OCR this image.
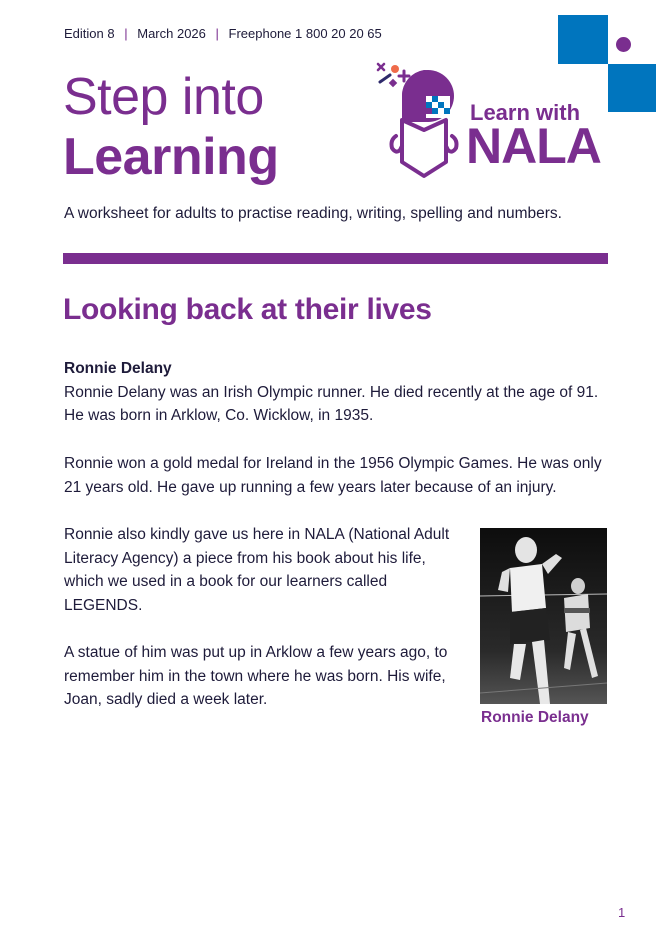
Edition 8 | March 2026 | Freephone 1 800 20 20 65
Step into
Learning
Learn with
NALA
A worksheet for adults to practise reading, writing, spelling and numbers.
Looking back at their lives
Ronnie Delany
Ronnie Delany was an Irish Olympic runner. He died recently at the age of 91. He was born in Arklow, Co. Wicklow, in 1935.
Ronnie won a gold medal for Ireland in the 1956 Olympic Games. He was only 21 years old. He gave up running a few years later because of an injury.
Ronnie also kindly gave us here in NALA (National Adult Literacy Agency) a piece from his book about his life, which we used in a book for our learners called LEGENDS.
A statue of him was put up in Arklow a few years ago, to remember him in the town where he was born. His wife, Joan, sadly died a week later.
Ronnie Delany
1
